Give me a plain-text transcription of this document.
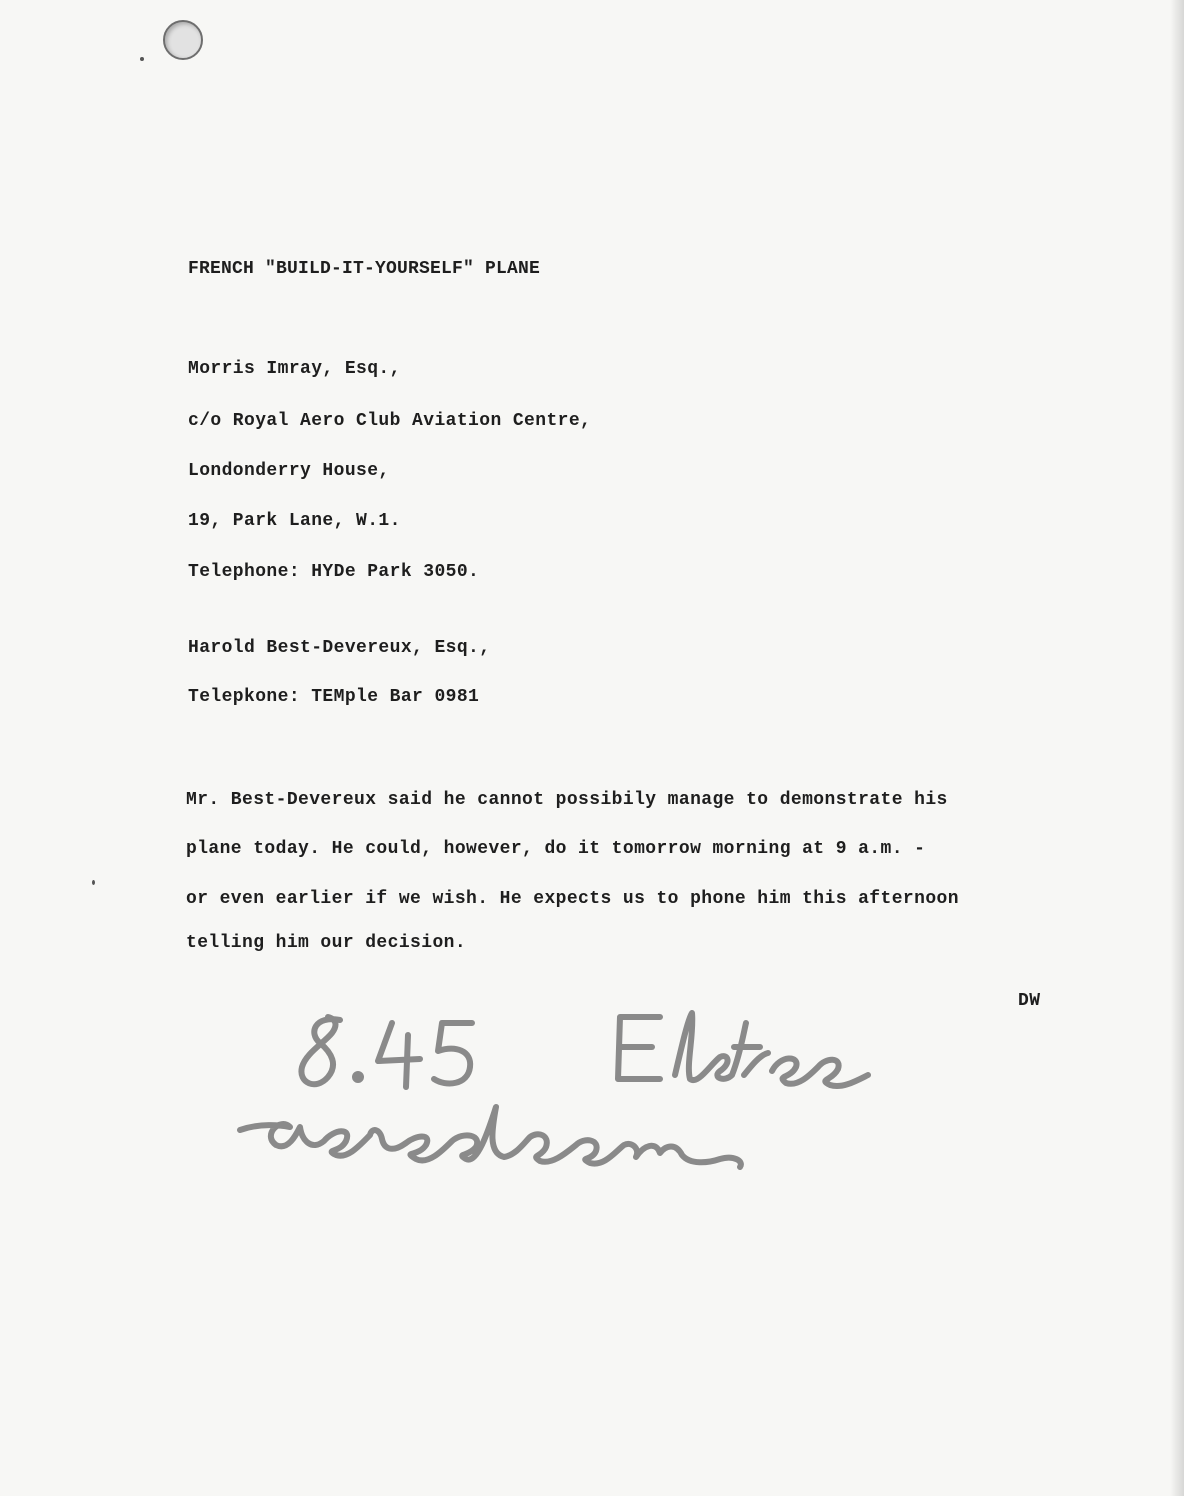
FRENCH "BUILD-IT-YOURSELF" PLANE
Morris Imray, Esq.,
c/o Royal Aero Club Aviation Centre,
Londonderry House,
19, Park Lane, W.1.
Telephone: HYDe Park 3050.
Harold Best-Devereux, Esq.,
Telepkone: TEMple Bar 0981
Mr. Best-Devereux said he cannot possibily manage to demonstrate his
plane today. He could, however, do it tomorrow morning at 9 a.m. -
or even earlier if we wish. He expects us to phone him this afternoon
telling him our decision.
DW
